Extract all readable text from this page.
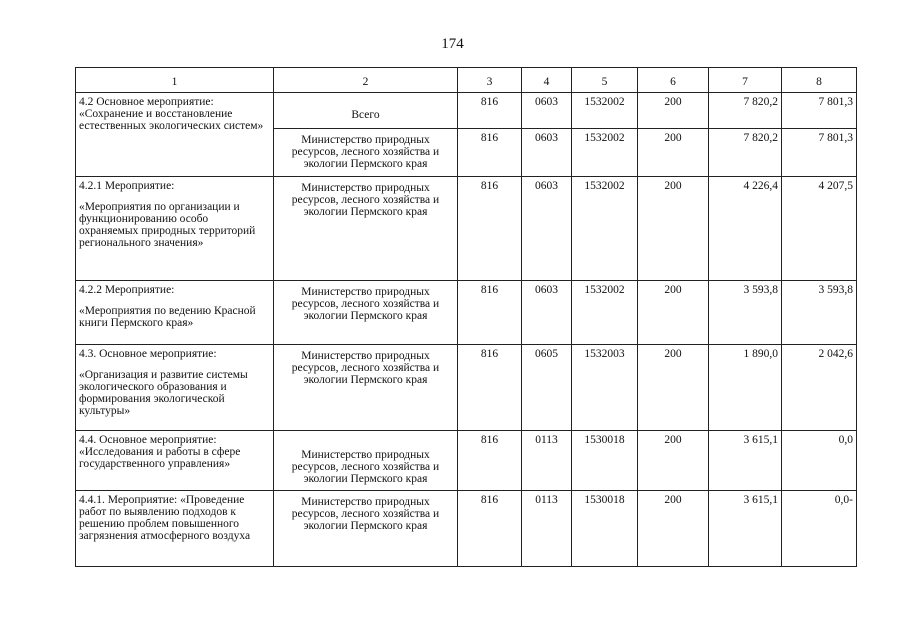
174
1	2	3	4	5	6	7	8

4.2 Основное мероприятие: «Сохранение и восстановление естественных экологических систем»	Всего	816	0603	1532002	200	7 820,2	7 801,3
	Министерство природных ресурсов, лесного хозяйства и экологии Пермского края	816	0603	1532002	200	7 820,2	7 801,3

4.2.1 Мероприятие:
«Мероприятия по организации и функционированию особо охраняемых природных территорий регионального значения»	Министерство природных ресурсов, лесного хозяйства и экологии Пермского края	816	0603	1532002	200	4 226,4	4 207,5

4.2.2 Мероприятие:
«Мероприятия по ведению Красной книги Пермского края»	Министерство природных ресурсов, лесного хозяйства и экологии Пермского края	816	0603	1532002	200	3 593,8	3 593,8

4.3. Основное мероприятие:
«Организация и развитие системы экологического образования и формирования экологической культуры»	Министерство природных ресурсов, лесного хозяйства и экологии Пермского края	816	0605	1532003	200	1 890,0	2 042,6

4.4. Основное мероприятие: «Исследования и работы в сфере государственного управления»	Министерство природных ресурсов, лесного хозяйства и экологии Пермского края	816	0113	1530018	200	3 615,1	0,0

4.4.1. Мероприятие: «Проведение работ по выявлению подходов к решению проблем повышенного загрязнения атмосферного воздуха	Министерство природных ресурсов, лесного хозяйства и экологии Пермского края	816	0113	1530018	200	3 615,1	0,0-
